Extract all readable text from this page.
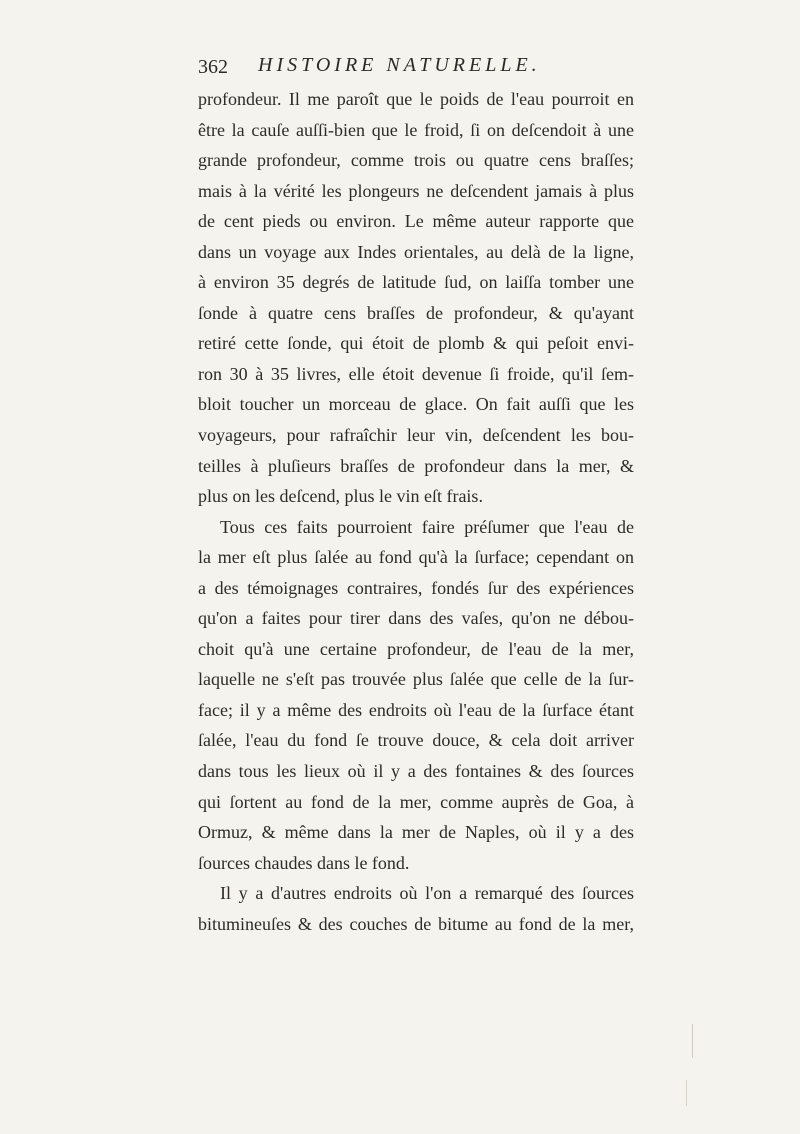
362 HISTOIRE NATURELLE.
profondeur. Il me paroît que le poids de l'eau pourroit en
être la cauſe auſſi-bien que le froid, ſi on deſcendoit à une
grande profondeur, comme trois ou quatre cens braſſes;
mais à la vérité les plongeurs ne deſcendent jamais à plus
de cent pieds ou environ. Le même auteur rapporte que
dans un voyage aux Indes orientales, au delà de la ligne,
à environ 35 degrés de latitude ſud, on laiſſa tomber une
ſonde à quatre cens braſſes de profondeur, & qu'ayant
retiré cette ſonde, qui étoit de plomb & qui peſoit envi-
ron 30 à 35 livres, elle étoit devenue ſi froide, qu'il ſem-
bloit toucher un morceau de glace. On fait auſſi que les
voyageurs, pour rafraîchir leur vin, deſcendent les bou-
teilles à pluſieurs braſſes de profondeur dans la mer, &
plus on les deſcend, plus le vin eſt frais.
Tous ces faits pourroient faire préſumer que l'eau de
la mer eſt plus ſalée au fond qu'à la ſurface; cependant on
a des témoignages contraires, fondés ſur des expériences
qu'on a faites pour tirer dans des vaſes, qu'on ne débou-
choit qu'à une certaine profondeur, de l'eau de la mer,
laquelle ne s'eſt pas trouvée plus ſalée que celle de la ſur-
face; il y a même des endroits où l'eau de la ſurface étant
ſalée, l'eau du fond ſe trouve douce, & cela doit arriver
dans tous les lieux où il y a des fontaines & des ſources
qui ſortent au fond de la mer, comme auprès de Goa, à
Ormuz, & même dans la mer de Naples, où il y a des
ſources chaudes dans le fond.
Il y a d'autres endroits où l'on a remarqué des ſources
bitumineuſes & des couches de bitume au fond de la mer,
